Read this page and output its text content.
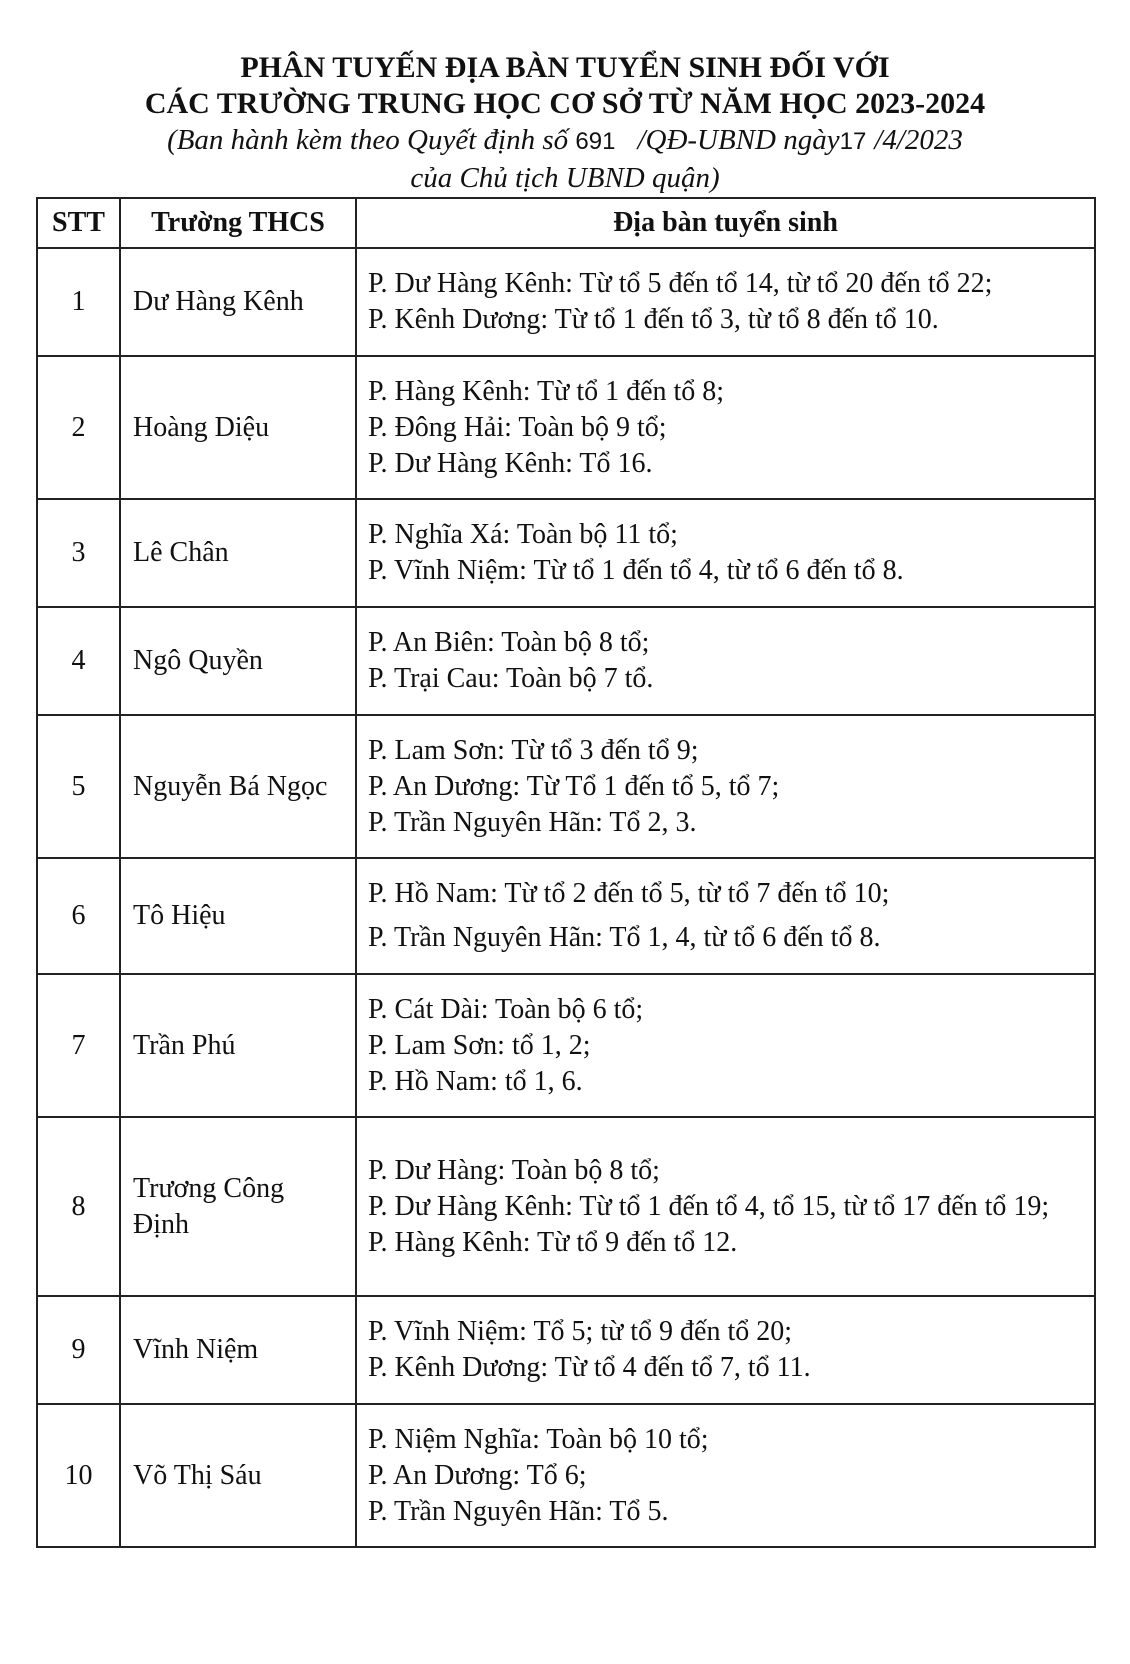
PHÂN TUYẾN ĐỊA BÀN TUYỂN SINH ĐỐI VỚI

CÁC TRƯỜNG TRUNG HỌC CƠ SỞ TỪ NĂM HỌC 2023-2024

(Ban hành kèm theo Quyết định số 691 /QĐ-UBND ngày17 /4/2023

của Chủ tịch UBND quận)

STT	Trường THCS	Địa bàn tuyển sinh
1	Dư Hàng Kênh	P. Dư Hàng Kênh: Từ tổ 5 đến tổ 14, từ tổ 20 đến tổ 22;
P. Kênh Dương: Từ tổ 1 đến tổ 3, từ tổ 8 đến tổ 10.

2	Hoàng Diệu	P. Hàng Kênh: Từ tổ 1 đến tổ 8;
P. Đông Hải: Toàn bộ 9 tổ;
P. Dư Hàng Kênh: Tổ 16.

3	Lê Chân	P. Nghĩa Xá: Toàn bộ 11 tổ;
P. Vĩnh Niệm: Từ tổ 1 đến tổ 4, từ tổ 6 đến tổ 8.

4	Ngô Quyền	P. An Biên: Toàn bộ 8 tổ;
P. Trại Cau: Toàn bộ 7 tổ.

5	Nguyễn Bá Ngọc	P. Lam Sơn: Từ tổ 3 đến tổ 9;
P. An Dương: Từ Tổ 1 đến tổ 5, tổ 7;
P. Trần Nguyên Hãn: Tổ 2, 3.

6	Tô Hiệu	P. Hồ Nam: Từ tổ 2 đến tổ 5, từ tổ 7 đến tổ 10;
P. Trần Nguyên Hãn: Tổ 1, 4, từ tổ 6 đến tổ 8.

7	Trần Phú	P. Cát Dài: Toàn bộ 6 tổ;
P. Lam Sơn: tổ 1, 2;
P. Hồ Nam: tổ 1, 6.

8	Trương Công Định	P. Dư Hàng: Toàn bộ 8 tổ;
P. Dư Hàng Kênh: Từ tổ 1 đến tổ 4, tổ 15, từ tổ 17 đến tổ 19;
P. Hàng Kênh: Từ tổ 9 đến tổ 12.

9	Vĩnh Niệm	P. Vĩnh Niệm: Tổ 5; từ tổ 9 đến tổ 20;
P. Kênh Dương: Từ tổ 4 đến tổ 7, tổ 11.

10	Võ Thị Sáu	P. Niệm Nghĩa: Toàn bộ 10 tổ;
P. An Dương: Tổ 6;
P. Trần Nguyên Hãn: Tổ 5.
